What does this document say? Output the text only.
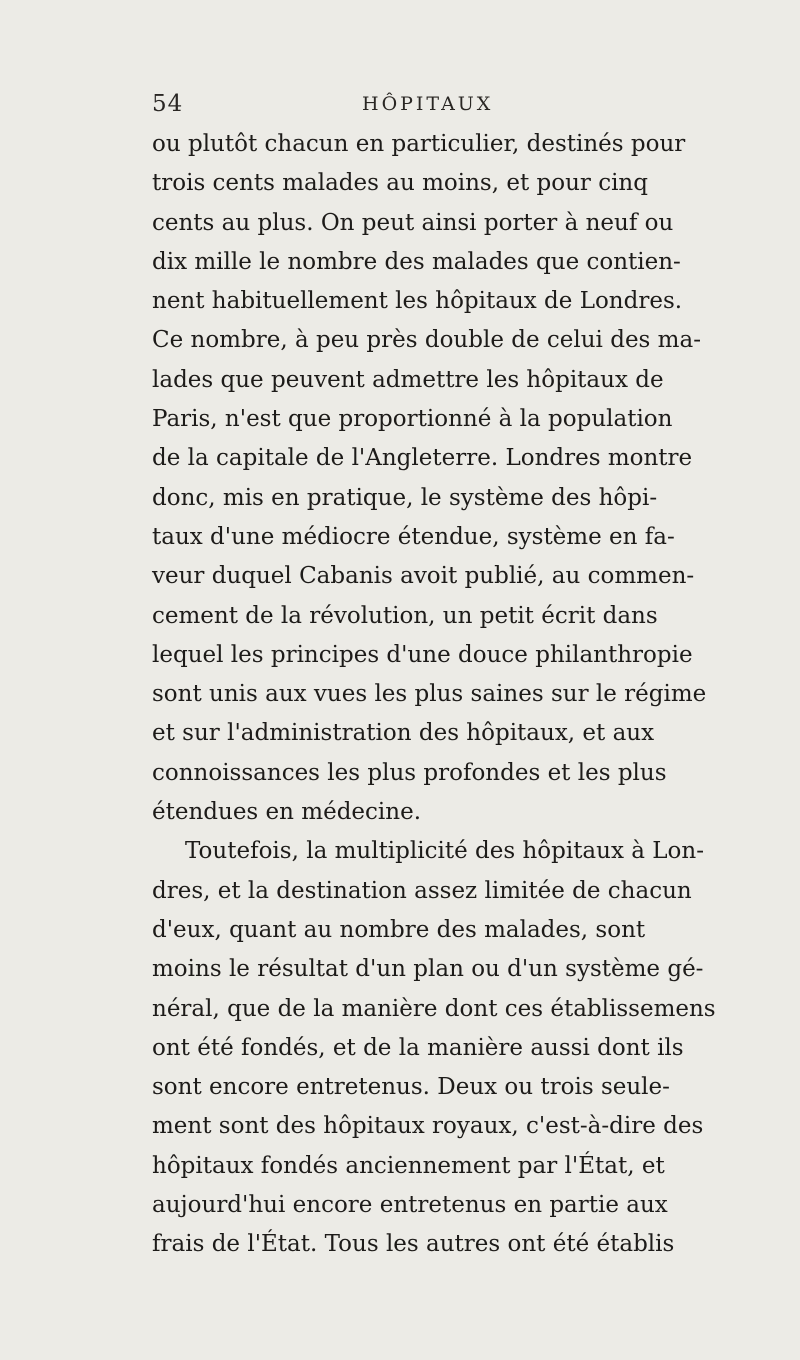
54	HÔPITAUX
ou plutôt chacun en particulier, destinés pour
trois cents malades au moins, et pour cinq
cents au plus. On peut ainsi porter à neuf ou
dix mille le nombre des malades que contien-
nent habituellement les hôpitaux de Londres.
Ce nombre, à peu près double de celui des ma-
lades que peuvent admettre les hôpitaux de
Paris, n'est que proportionné à la population
de la capitale de l'Angleterre. Londres montre
donc, mis en pratique, le système des hôpi-
taux d'une médiocre étendue, système en fa-
veur duquel Cabanis avoit publié, au commen-
cement de la révolution, un petit écrit dans
lequel les principes d'une douce philanthropie
sont unis aux vues les plus saines sur le régime
et sur l'administration des hôpitaux, et aux
connoissances les plus profondes et les plus
étendues en médecine.
Toutefois, la multiplicité des hôpitaux à Lon-
dres, et la destination assez limitée de chacun
d'eux, quant au nombre des malades, sont
moins le résultat d'un plan ou d'un système gé-
néral, que de la manière dont ces établissemens
ont été fondés, et de la manière aussi dont ils
sont encore entretenus. Deux ou trois seule-
ment sont des hôpitaux royaux, c'est-à-dire des
hôpitaux fondés anciennement par l'État, et
aujourd'hui encore entretenus en partie aux
frais de l'État. Tous les autres ont été établis
